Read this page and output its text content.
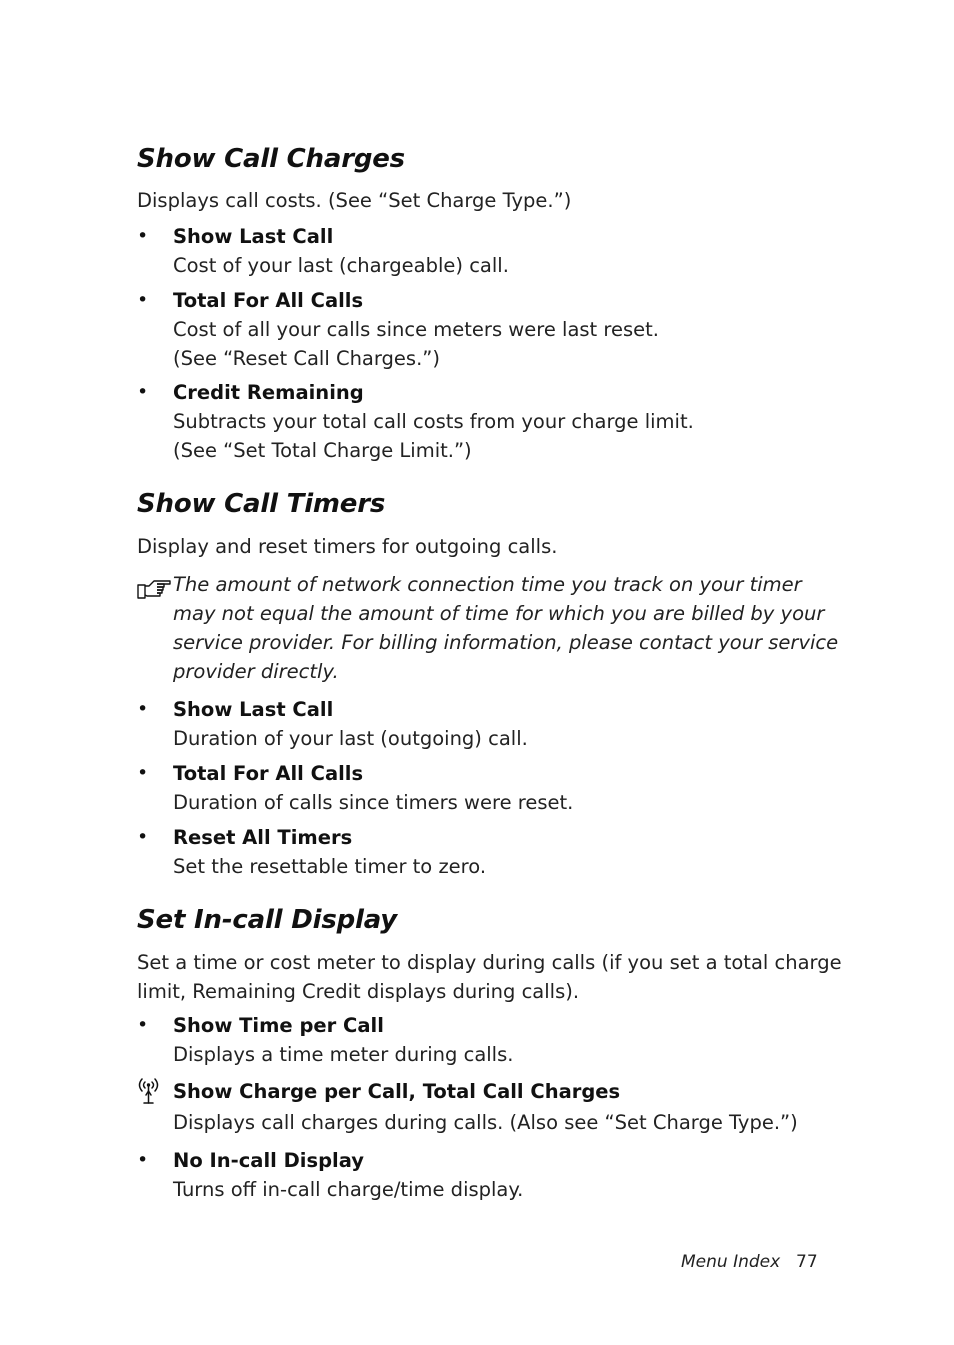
Show Call Charges
Displays call costs. (See “Set Charge Type.”)
•	Show Last Call
Cost of your last (chargeable) call.
•	Total For All Calls
Cost of all your calls since meters were last reset.
(See “Reset Call Charges.”)
•	Credit Remaining
Subtracts your total call costs from your charge limit.
(See “Set Total Charge Limit.”)
Show Call Timers
Display and reset timers for outgoing calls.
The amount of network connection time you track on your timer
may not equal the amount of time for which you are billed by your
service provider. For billing information, please contact your service
provider directly.
•	Show Last Call
Duration of your last (outgoing) call.
•	Total For All Calls
Duration of calls since timers were reset.
•	Reset All Timers
Set the resettable timer to zero.
Set In-call Display
Set a time or cost meter to display during calls (if you set a total charge
limit, Remaining Credit displays during calls).
•	Show Time per Call
Displays a time meter during calls.
Show Charge per Call, Total Call Charges
Displays call charges during calls. (Also see “Set Charge Type.”)
•	No In-call Display
Turns off in-call charge/time display.
Menu Index 77
